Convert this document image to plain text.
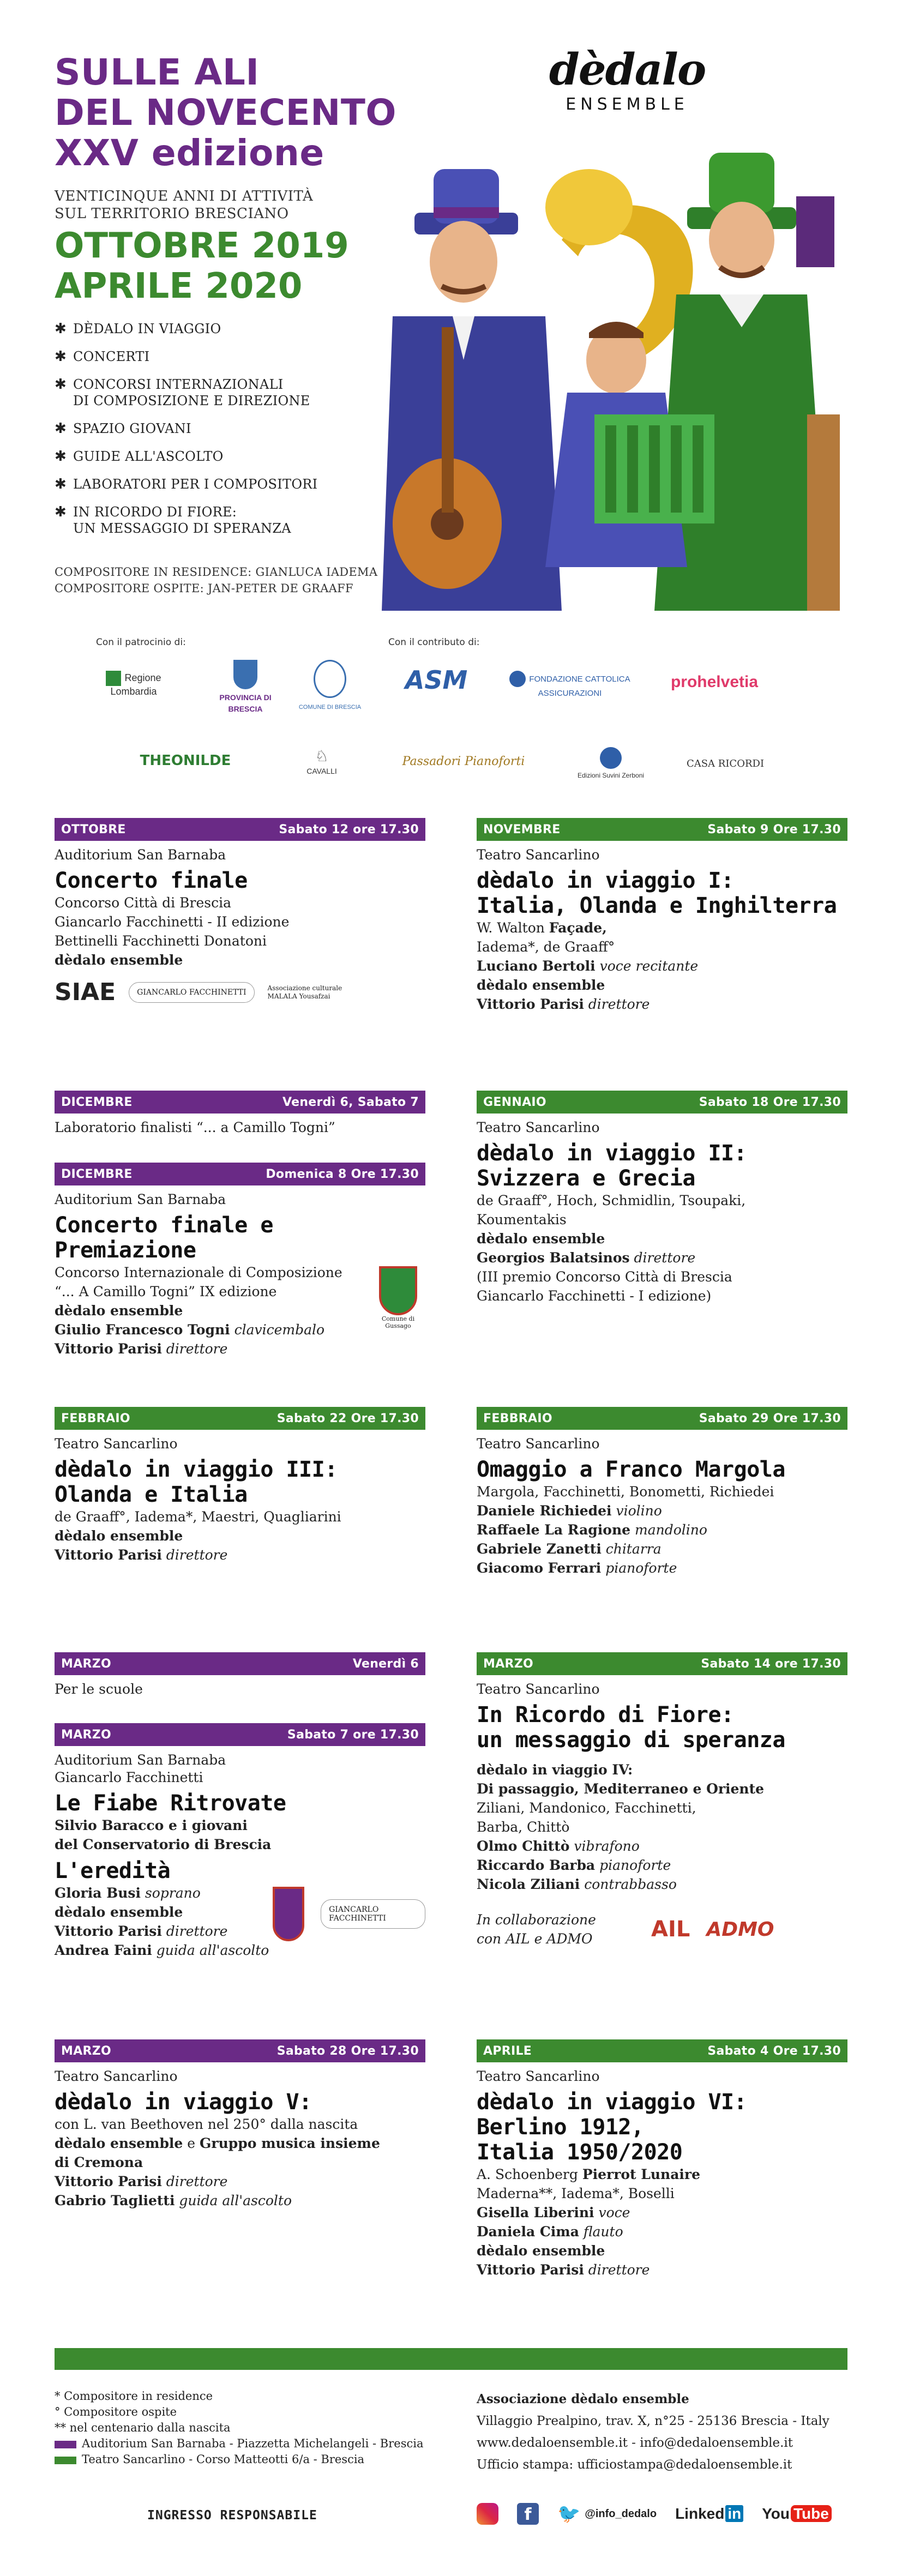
SULLE ALI
DEL NOVECENTO
XXV edizione
VENTICINQUE ANNI DI ATTIVITÀ
SUL TERRITORIO BRESCIANO
OTTOBRE 2019
APRILE 2020
✱ DÈDALO IN VIAGGIO
✱ CONCERTI
✱ CONCORSI INTERNAZIONALI
DI COMPOSIZIONE E DIREZIONE
✱ SPAZIO GIOVANI
✱ GUIDE ALL'ASCOLTO
✱ LABORATORI PER I COMPOSITORI
✱ IN RICORDO DI FIORE:
UN MESSAGGIO DI SPERANZA
COMPOSITORE IN RESIDENCE: GIANLUCA IADEMA
COMPOSITORE OSPITE: JAN-PETER DE GRAAFF
dèdalo
ENSEMBLE
Con il patrocinio di:	Con il contributo di:
Regione Lombardia
PROVINCIA DI BRESCIA	COMUNE DI BRESCIA
ASM	FONDAZIONE CATTOLICA ASSICURAZIONI
prohelvetia
THEONILDE	♘
CAVALLI
Passadori Pianoforti
Edizioni Suvini Zerboni
CASA RICORDI
OTTOBRE	Sabato 12 ore 17.30
Auditorium San Barnaba
Concerto finale
Concorso Città di Brescia
Giancarlo Facchinetti - II edizione
Bettinelli Facchinetti Donatoni
dèdalo ensemble
SIAE	GIANCARLO FACCHINETTI	Associazione culturale MALALA Yousafzai
NOVEMBRE	Sabato 9 Ore 17.30
Teatro Sancarlino
dèdalo in viaggio I:
Italia, Olanda e Inghilterra
W. Walton Façade,
Iadema*, de Graaff°
Luciano Bertoli voce recitante
dèdalo ensemble
Vittorio Parisi direttore
DICEMBRE	Venerdì 6, Sabato 7
Laboratorio finalisti “... a Camillo Togni”
DICEMBRE	Domenica 8 Ore 17.30
Auditorium San Barnaba
Concerto finale e Premiazione
Concorso Internazionale di Composizione
“... A Camillo Togni” IX edizione
dèdalo ensemble
Giulio Francesco Togni clavicembalo
Vittorio Parisi direttore
Comune di Gussago
GENNAIO	Sabato 18 Ore 17.30
Teatro Sancarlino
dèdalo in viaggio II:
Svizzera e Grecia
de Graaff°, Hoch, Schmidlin, Tsoupaki,
Koumentakis
dèdalo ensemble
Georgios Balatsinos direttore
(III premio Concorso Città di Brescia
Giancarlo Facchinetti - I edizione)
FEBBRAIO	Sabato 22 Ore 17.30
Teatro Sancarlino
dèdalo in viaggio III:
Olanda e Italia
de Graaff°, Iadema*, Maestri, Quagliarini
dèdalo ensemble
Vittorio Parisi direttore
FEBBRAIO	Sabato 29 Ore 17.30
Teatro Sancarlino
Omaggio a Franco Margola
Margola, Facchinetti, Bonometti, Richiedei
Daniele Richiedei violino
Raffaele La Ragione mandolino
Gabriele Zanetti chitarra
Giacomo Ferrari pianoforte
MARZO	Venerdì 6
Per le scuole
MARZO	Sabato 7 ore 17.30
Auditorium San Barnaba
Giancarlo Facchinetti
Le Fiabe Ritrovate
Silvio Baracco e i giovani
del Conservatorio di Brescia
L'eredità
Gloria Busi soprano
dèdalo ensemble
Vittorio Parisi direttore
Andrea Faini guida all'ascolto
GIANCARLO FACCHINETTI
MARZO	Sabato 14 ore 17.30
Teatro Sancarlino
In Ricordo di Fiore:
un messaggio di speranza
dèdalo in viaggio IV:
Di passaggio, Mediterraneo e Oriente
Ziliani, Mandonico, Facchinetti,
Barba, Chittò
Olmo Chittò vibrafono
Riccardo Barba pianoforte
Nicola Ziliani contrabbasso
In collaborazione
con AIL e ADMO	AIL ADMO
MARZO	Sabato 28 Ore 17.30
Teatro Sancarlino
dèdalo in viaggio V:
con L. van Beethoven nel 250° dalla nascita
dèdalo ensemble e Gruppo musica insieme
di Cremona
Vittorio Parisi direttore
Gabrio Taglietti guida all'ascolto
APRILE	Sabato 4 Ore 17.30
Teatro Sancarlino
dèdalo in viaggio VI:
Berlino 1912,
Italia 1950/2020
A. Schoenberg Pierrot Lunaire
Maderna**, Iadema*, Boselli
Gisella Liberini voce
Daniela Cima flauto
dèdalo ensemble
Vittorio Parisi direttore
* Compositore in residence
° Compositore ospite
** nel centenario dalla nascita
Auditorium San Barnaba - Piazzetta Michelangeli - Brescia
Teatro Sancarlino - Corso Matteotti 6/a - Brescia
INGRESSO RESPONSABILE
Associazione dèdalo ensemble
Villaggio Prealpino, trav. X, n°25 - 25136 Brescia - Italy
www.dedaloensemble.it - info@dedaloensemble.it
Ufficio stampa: ufficiostampa@dedaloensemble.it
f	🐦 @info_dedalo Linked in You Tube
